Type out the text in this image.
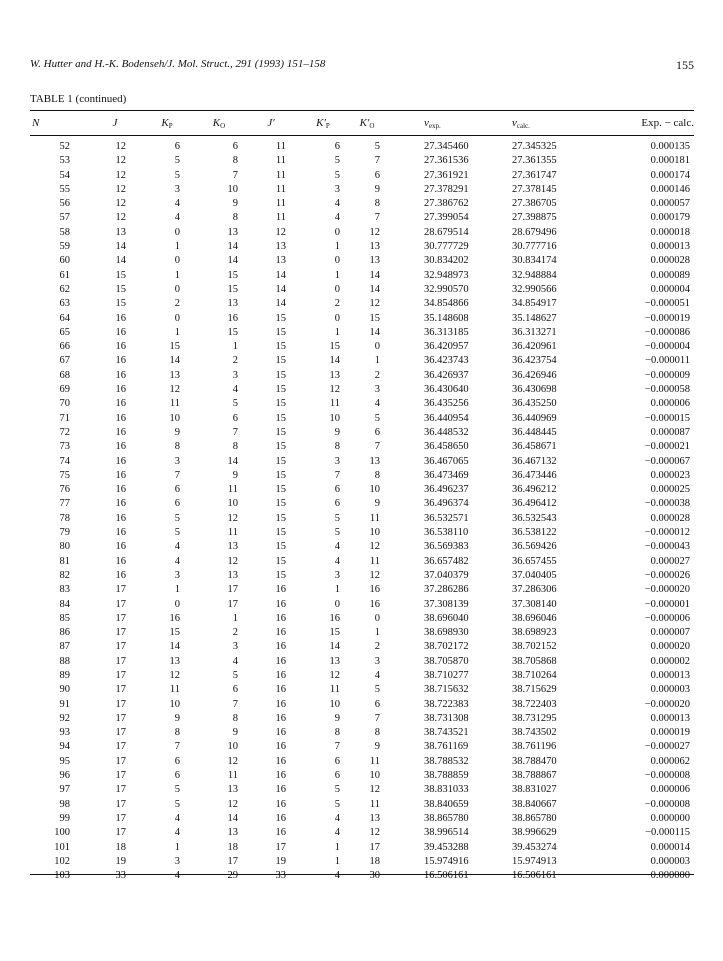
W. Hutter and H.-K. Bodenseh/J. Mol. Struct., 291 (1993) 151–158	155
TABLE 1 (continued)
N	J	KP	KO	J′	K′P	K′O	νexp.	νcalc.	Exp. − calc.
52	12	6	6	11	6	5	27.345460	27.345325	0.000135
53	12	5	8	11	5	7	27.361536	27.361355	0.000181
54	12	5	7	11	5	6	27.361921	27.361747	0.000174
55	12	3	10	11	3	9	27.378291	27.378145	0.000146
56	12	4	9	11	4	8	27.386762	27.386705	0.000057
57	12	4	8	11	4	7	27.399054	27.398875	0.000179
58	13	0	13	12	0	12	28.679514	28.679496	0.000018
59	14	1	14	13	1	13	30.777729	30.777716	0.000013
60	14	0	14	13	0	13	30.834202	30.834174	0.000028
61	15	1	15	14	1	14	32.948973	32.948884	0.000089
62	15	0	15	14	0	14	32.990570	32.990566	0.000004
63	15	2	13	14	2	12	34.854866	34.854917	−0.000051
64	16	0	16	15	0	15	35.148608	35.148627	−0.000019
65	16	1	15	15	1	14	36.313185	36.313271	−0.000086
66	16	15	1	15	15	0	36.420957	36.420961	−0.000004
67	16	14	2	15	14	1	36.423743	36.423754	−0.000011
68	16	13	3	15	13	2	36.426937	36.426946	−0.000009
69	16	12	4	15	12	3	36.430640	36.430698	−0.000058
70	16	11	5	15	11	4	36.435256	36.435250	0.000006
71	16	10	6	15	10	5	36.440954	36.440969	−0.000015
72	16	9	7	15	9	6	36.448532	36.448445	0.000087
73	16	8	8	15	8	7	36.458650	36.458671	−0.000021
74	16	3	14	15	3	13	36.467065	36.467132	−0.000067
75	16	7	9	15	7	8	36.473469	36.473446	0.000023
76	16	6	11	15	6	10	36.496237	36.496212	0.000025
77	16	6	10	15	6	9	36.496374	36.496412	−0.000038
78	16	5	12	15	5	11	36.532571	36.532543	0.000028
79	16	5	11	15	5	10	36.538110	36.538122	−0.000012
80	16	4	13	15	4	12	36.569383	36.569426	−0.000043
81	16	4	12	15	4	11	36.657482	36.657455	0.000027
82	16	3	13	15	3	12	37.040379	37.040405	−0.000026
83	17	1	17	16	1	16	37.286286	37.286306	−0.000020
84	17	0	17	16	0	16	37.308139	37.308140	−0.000001
85	17	16	1	16	16	0	38.696040	38.696046	−0.000006
86	17	15	2	16	15	1	38.698930	38.698923	0.000007
87	17	14	3	16	14	2	38.702172	38.702152	0.000020
88	17	13	4	16	13	3	38.705870	38.705868	0.000002
89	17	12	5	16	12	4	38.710277	38.710264	0.000013
90	17	11	6	16	11	5	38.715632	38.715629	0.000003
91	17	10	7	16	10	6	38.722383	38.722403	−0.000020
92	17	9	8	16	9	7	38.731308	38.731295	0.000013
93	17	8	9	16	8	8	38.743521	38.743502	0.000019
94	17	7	10	16	7	9	38.761169	38.761196	−0.000027
95	17	6	12	16	6	11	38.788532	38.788470	0.000062
96	17	6	11	16	6	10	38.788859	38.788867	−0.000008
97	17	5	13	16	5	12	38.831033	38.831027	0.000006
98	17	5	12	16	5	11	38.840659	38.840667	−0.000008
99	17	4	14	16	4	13	38.865780	38.865780	0.000000
100	17	4	13	16	4	12	38.996514	38.996629	−0.000115
101	18	1	18	17	1	17	39.453288	39.453274	0.000014
102	19	3	17	19	1	18	15.974916	15.974913	0.000003
103	33	4	29	33	4	30	16.506161	16.506161	0.000000
